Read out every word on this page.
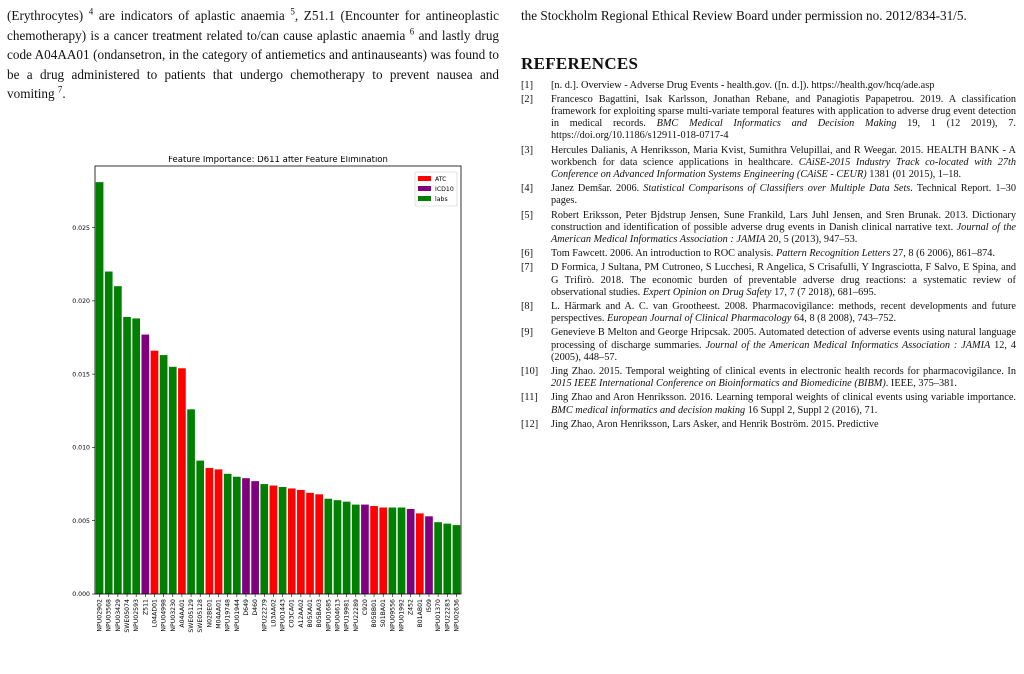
(Erythrocytes) $^4$ are indicators of aplastic anaemia $^5$, Z51.1 (Encounter for antineoplastic chemotherapy) is a cancer treatment related to/can cause aplastic anaemia $^6$ and lastly drug code A04AA01 (ondansetron, in the category of antiemetics and antinauseants) was found to be a drug administered to patients that undergo chemotherapy to prevent nausea and vomiting $^7$.

Feature Importance: D611 after Feature Elimination
0.000
0.005
0.010
0.015
0.020
0.025
NPU02902 NPU03568 NPU03429 SWE05074 NPU02593 Z511 L04AD01 NPU04998 NPU03230 A04AA01 SWE05129 SWE05128 N02BE01 M04AA01 NPU19748 NPU01944 D649 D460 NPU22279 L03AA02 NPU01443 C03CA01 A12AA02 B05XA01 B05BA03 NPU01685 NPU04613 NPU19981 NPU22289 C920 B05BB01 S01BA01 NPU09556 NPU01992 Z452 B01AB01 I509 NPU01370 NPU22283 NPU02636
ATC
ICD10
labs

the Stockholm Regional Ethical Review Board under permission no. 2012/834-31/5.

REFERENCES
[1]	[n. d.]. Overview - Adverse Drug Events - health.gov. ([n. d.]). https://health.gov/hcq/ade.asp
[2]	Francesco Bagattini, Isak Karlsson, Jonathan Rebane, and Panagiotis Papapetrou. 2019. A classification framework for exploiting sparse multi-variate temporal features with application to adverse drug event detection in medical records. BMC Medical Informatics and Decision Making 19, 1 (12 2019), 7. https://doi.org/10.1186/s12911-018-0717-4
[3]	Hercules Dalianis, A Henriksson, Maria Kvist, Sumithra Velupillai, and R Weegar. 2015. HEALTH BANK - A workbench for data science applications in healthcare. CAiSE-2015 Industry Track co-located with 27th Conference on Advanced Information Systems Engineering (CAiSE - CEUR) 1381 (01 2015), 1–18.
[4]	Janez Demšar. 2006. Statistical Comparisons of Classifiers over Multiple Data Sets. Technical Report. 1–30 pages.
[5]	Robert Eriksson, Peter Bjdstrup Jensen, Sune Frankild, Lars Juhl Jensen, and Sren Brunak. 2013. Dictionary construction and identification of possible adverse drug events in Danish clinical narrative text. Journal of the American Medical Informatics Association : JAMIA 20, 5 (2013), 947–53.
[6]	Tom Fawcett. 2006. An introduction to ROC analysis. Pattern Recognition Letters 27, 8 (6 2006), 861–874.
[7]	D Formica, J Sultana, PM Cutroneo, S Lucchesi, R Angelica, S Crisafulli, Y Ingrasciotta, F Salvo, E Spina, and G Trifirò. 2018. The economic burden of preventable adverse drug reactions: a systematic review of observational studies. Expert Opinion on Drug Safety 17, 7 (7 2018), 681–695.
[8]	L. Härmark and A. C. van Grootheest. 2008. Pharmacovigilance: methods, recent developments and future perspectives. European Journal of Clinical Pharmacology 64, 8 (8 2008), 743–752.
[9]	Genevieve B Melton and George Hripcsak. 2005. Automated detection of adverse events using natural language processing of discharge summaries. Journal of the American Medical Informatics Association : JAMIA 12, 4 (2005), 448–57.
[10]	Jing Zhao. 2015. Temporal weighting of clinical events in electronic health records for pharmacovigilance. In 2015 IEEE International Conference on Bioinformatics and Biomedicine (BIBM). IEEE, 375–381.
[11]	Jing Zhao and Aron Henriksson. 2016. Learning temporal weights of clinical events using variable importance. BMC medical informatics and decision making 16 Suppl 2, Suppl 2 (2016), 71.
[12]	Jing Zhao, Aron Henriksson, Lars Asker, and Henrik Boström. 2015. Predictive
